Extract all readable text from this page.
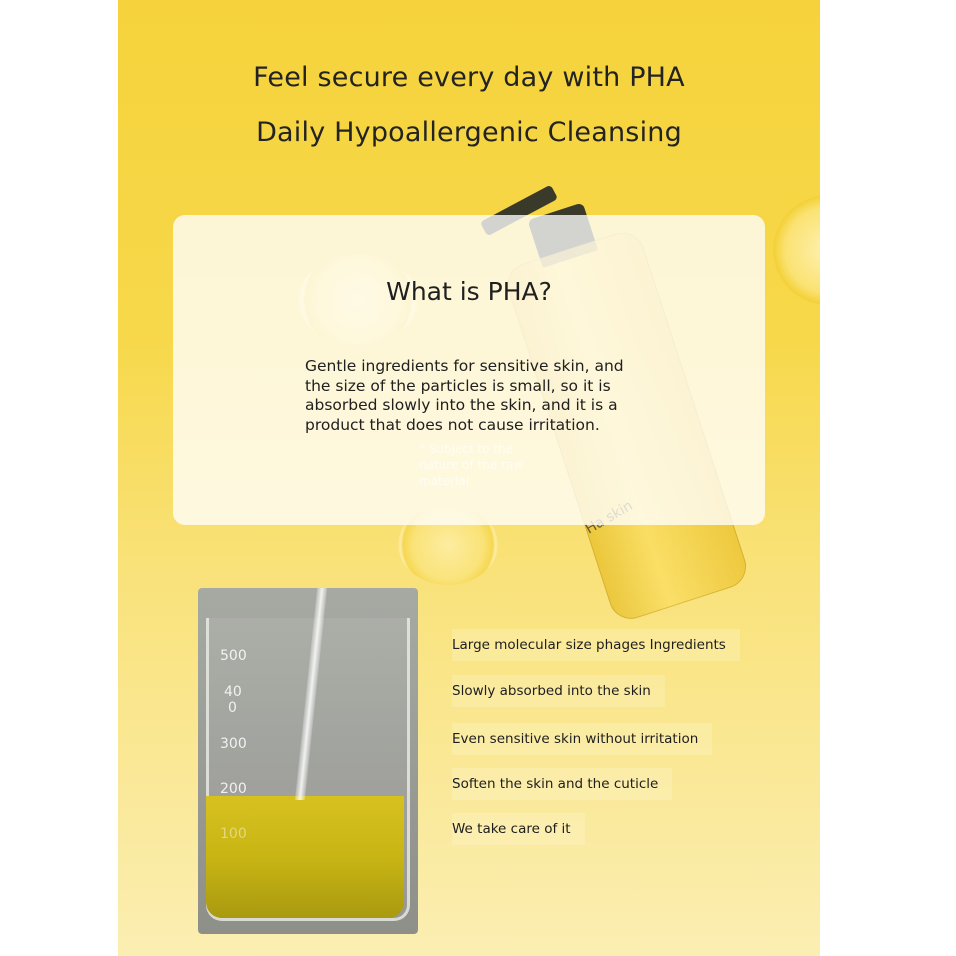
Feel secure every day with PHA
Daily Hypoallergenic Cleansing
What is PHA?
Gentle ingredients for sensitive skin, and the size of the particles is small, so it is absorbed slowly into the skin, and it is a product that does not cause irritation.
* Subject to the nature of the raw material
500
40
0
300
200
100
Large molecular size phages Ingredients
Slowly absorbed into the skin
Even sensitive skin without irritation
Soften the skin and the cuticle
We take care of it
